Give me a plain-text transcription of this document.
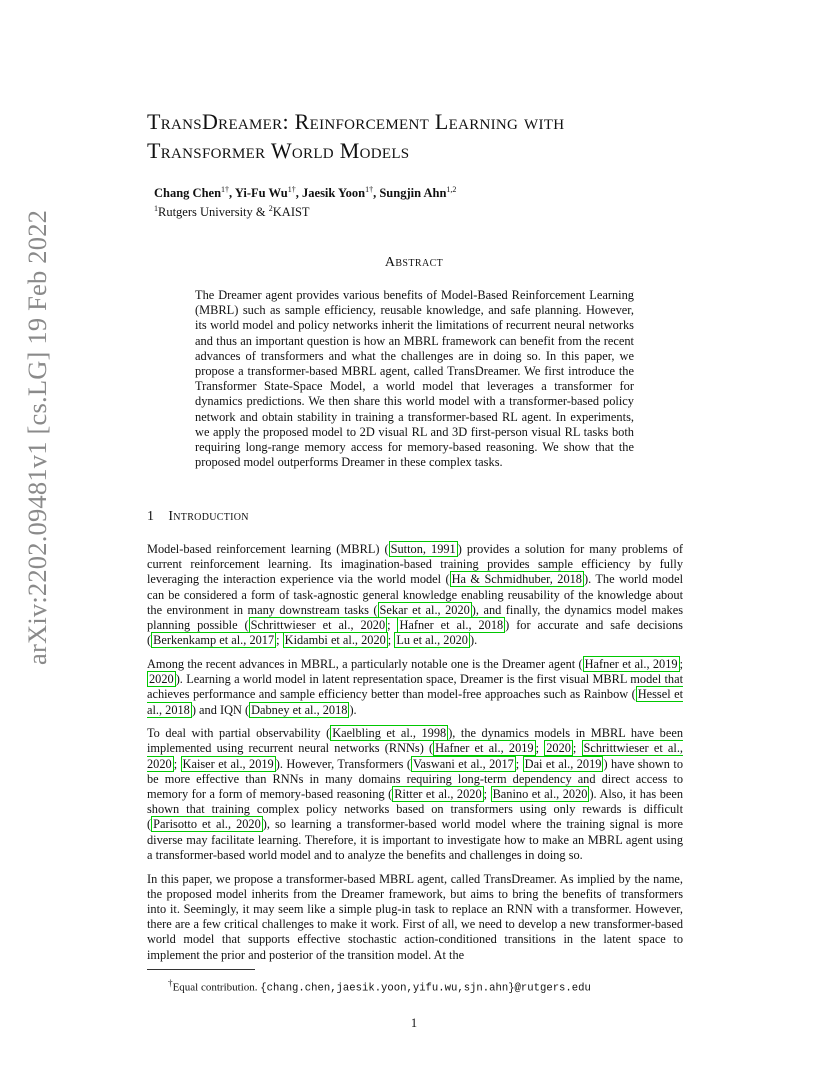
arXiv:2202.09481v1 [cs.LG] 19 Feb 2022
TransDreamer: Reinforcement Learning with
Transformer World Models
Chang Chen$^{1\dagger}$, Yi-Fu $Wu^{1\dagger}$, Jaesik Yoon$^{1\dagger}$, Sungjin Ahn$^{1,2}$
$^1$Rutgers University & $^2$KAIST
Abstract
The Dreamer agent provides various benefits of Model-Based Reinforcement Learning (MBRL) such as sample efficiency, reusable knowledge, and safe planning. However, its world model and policy networks inherit the limitations of recurrent neural networks and thus an important question is how an MBRL framework can benefit from the recent advances of transformers and what the challenges are in doing so. In this paper, we propose a transformer-based MBRL agent, called TransDreamer. We first introduce the Transformer State-Space Model, a world model that leverages a transformer for dynamics predictions. We then share this world model with a transformer-based policy network and obtain stability in training a transformer-based RL agent. In experiments, we apply the proposed model to 2D visual RL and 3D first-person visual RL tasks both requiring long-range memory access for memory-based reasoning. We show that the proposed model outperforms Dreamer in these complex tasks.
1 Introduction

Model-based reinforcement learning (MBRL) ( Sutton, 1991 ) provides a solution for many problems of current reinforcement learning. Its imagination-based training provides sample efficiency by fully leveraging the interaction experience via the world model ( Ha & Schmidhuber, 2018 ). The world model can be considered a form of task-agnostic general knowledge enabling reusability of the knowledge about the environment in many downstream tasks ( Sekar et al., 2020 ), and finally, the dynamics model makes planning possible ( Schrittwieser et al., 2020 ; Hafner et al., 2018 ) for accurate and safe decisions ( Berkenkamp et al., 2017 ; Kidambi et al., 2020 ; Lu et al., 2020 ).

Among the recent advances in MBRL, a particularly notable one is the Dreamer agent ( Hafner et al., 2019 ; 2020 ). Learning a world model in latent representation space, Dreamer is the first visual MBRL model that achieves performance and sample efficiency better than model-free approaches such as Rainbow ( Hessel et al., 2018 ) and IQN ( Dabney et al., 2018 ).

To deal with partial observability ( Kaelbling et al., 1998 ), the dynamics models in MBRL have been implemented using recurrent neural networks (RNNs) ( Hafner et al., 2019 ; 2020 ; Schrittwieser et al., 2020 ; Kaiser et al., 2019 ). However, Transformers ( Vaswani et al., 2017 ; Dai et al., 2019 ) have shown to be more effective than RNNs in many domains requiring long-term dependency and direct access to memory for a form of memory-based reasoning ( Ritter et al., 2020 ; Banino et al., 2020 ). Also, it has been shown that training complex policy networks based on transformers using only rewards is difficult ( Parisotto et al., 2020 ), so learning a transformer-based world model where the training signal is more diverse may facilitate learning. Therefore, it is important to investigate how to make an MBRL agent using a transformer-based world model and to analyze the benefits and challenges in doing so.

In this paper, we propose a transformer-based MBRL agent, called TransDreamer. As implied by the name, the proposed model inherits from the Dreamer framework, but aims to bring the benefits of transformers into it. Seemingly, it may seem like a simple plug-in task to replace an RNN with a transformer. However, there are a few critical challenges to make it work. First of all, we need to develop a new transformer-based world model that supports effective stochastic action-conditioned transitions in the latent space to implement the prior and posterior of the transition model. At the

†Equal contribution. {chang.chen,jaesik.yoon,yifu.wu,sjn.ahn}@rutgers.edu
1
